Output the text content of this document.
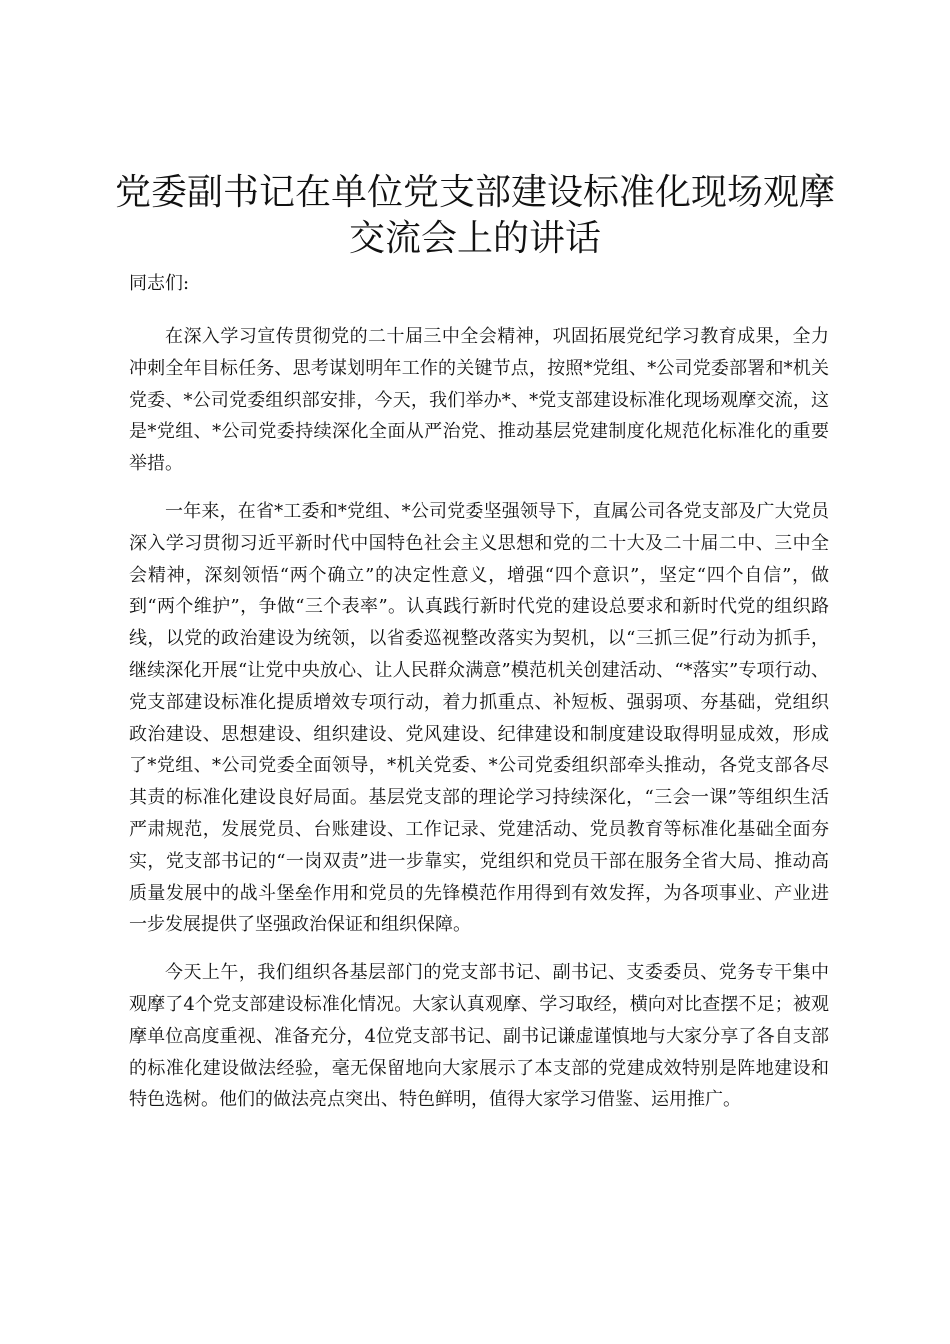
党委副书记在单位党支部建设标准化现场观摩
交流会上的讲话

同志们:

在深入学习宣传贯彻党的二十届三中全会精神，巩固拓展党纪学习教育成果，全力冲刺全年目标任务、思考谋划明年工作的关键节点，按照*党组、*公司党委部署和*机关党委、*公司党委组织部安排，今天，我们举办*、*党支部建设标准化现场观摩交流，这是*党组、*公司党委持续深化全面从严治党、推动基层党建制度化规范化标准化的重要举措。

一年来，在省*工委和*党组、*公司党委坚强领导下，直属公司各党支部及广大党员深入学习贯彻习近平新时代中国特色社会主义思想和党的二十大及二十届二中、三中全会精神，深刻领悟“两个确立”的决定性意义，增强“四个意识”，坚定“四个自信”，做到“两个维护”，争做“三个表率”。认真践行新时代党的建设总要求和新时代党的组织路线，以党的政治建设为统领，以省委巡视整改落实为契机，以“三抓三促”行动为抓手，继续深化开展“让党中央放心、让人民群众满意”模范机关创建活动、“*落实”专项行动、党支部建设标准化提质增效专项行动，着力抓重点、补短板、强弱项、夯基础，党组织政治建设、思想建设、组织建设、党风建设、纪律建设和制度建设取得明显成效，形成了*党组、*公司党委全面领导，*机关党委、*公司党委组织部牵头推动，各党支部各尽其责的标准化建设良好局面。基层党支部的理论学习持续深化，“三会一课”等组织生活严肃规范，发展党员、台账建设、工作记录、党建活动、党员教育等标准化基础全面夯实，党支部书记的“一岗双责”进一步靠实，党组织和党员干部在服务全省大局、推动高质量发展中的战斗堡垒作用和党员的先锋模范作用得到有效发挥，为各项事业、产业进一步发展提供了坚强政治保证和组织保障。

今天上午，我们组织各基层部门的党支部书记、副书记、支委委员、党务专干集中观摩了4个党支部建设标准化情况。大家认真观摩、学习取经，横向对比查摆不足；被观摩单位高度重视、准备充分，4位党支部书记、副书记谦虚谨慎地与大家分享了各自支部的标准化建设做法经验，毫无保留地向大家展示了本支部的党建成效特别是阵地建设和特色选树。他们的做法亮点突出、特色鲜明，值得大家学习借鉴、运用推广。
